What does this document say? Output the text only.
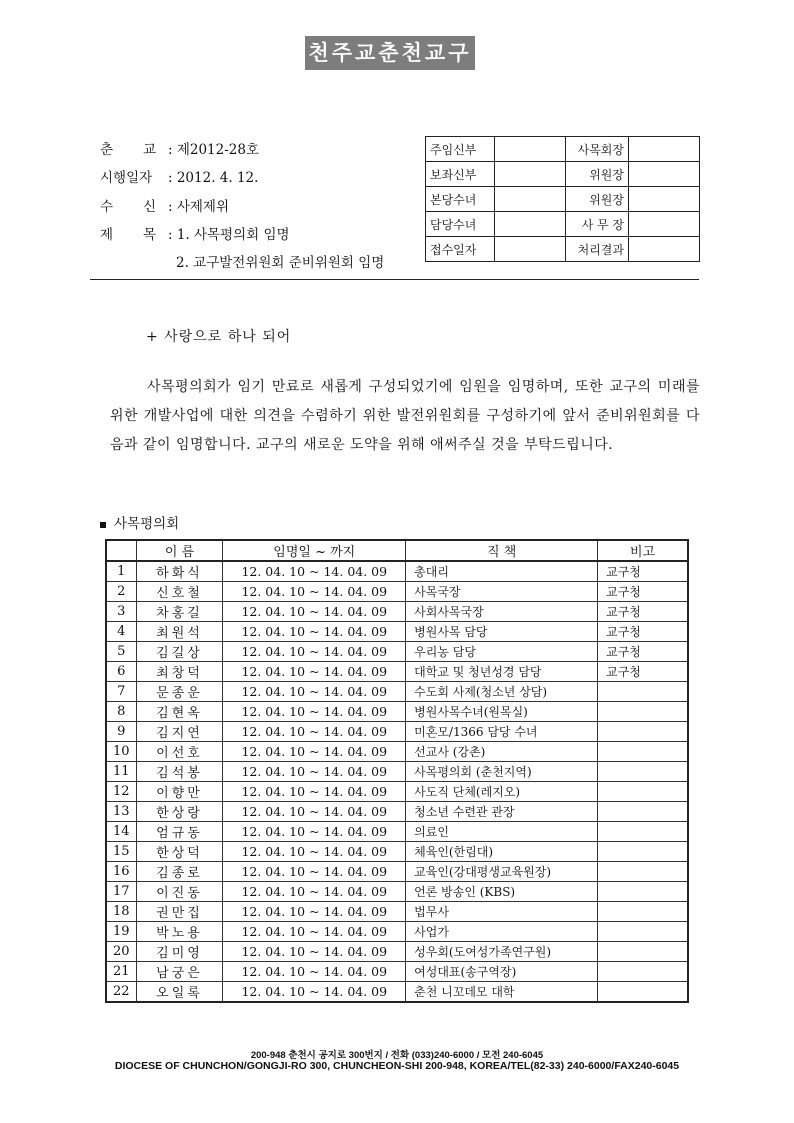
천주교춘천교구
춘 교 : 제2012-28호
시행일자 : 2012. 4. 12.
수 신 : 사제제위
제 목 : 1. 사목평의회 임명
2. 교구발전위원회 준비위원회 임명
주임신부		사목회장	
보좌신부		위원장	
본당수녀		위원장	
담당수녀		사 무 장	
접수일자		처리결과	
+ 사랑으로 하나 되어
사목평의회가 임기 만료로 새롭게 구성되었기에 임원을 임명하며, 또한 교구의 미래를 위한 개발사업에 대한 의견을 수렴하기 위한 발전위원회를 구성하기에 앞서 준비위원회를 다음과 같이 임명합니다. 교구의 새로운 도약을 위해 애써주실 것을 부탁드립니다.
사목평의회
	이 름	임명일 ~ 까지	직 책	비고
1	하화식	12. 04. 10 ~ 14. 04. 09	총대리	교구청
2	신호철	12. 04. 10 ~ 14. 04. 09	사목국장	교구청
3	차홍길	12. 04. 10 ~ 14. 04. 09	사회사목국장	교구청
4	최원석	12. 04. 10 ~ 14. 04. 09	병원사목 담당	교구청
5	김길상	12. 04. 10 ~ 14. 04. 09	우리농 담당	교구청
6	최창덕	12. 04. 10 ~ 14. 04. 09	대학교 및 청년성경 담당	교구청
7	문종운	12. 04. 10 ~ 14. 04. 09	수도회 사제(청소년 상담)	
8	김현옥	12. 04. 10 ~ 14. 04. 09	병원사목수녀(원목실)	
9	김지연	12. 04. 10 ~ 14. 04. 09	미혼모/1366 담당 수녀	
10	이선호	12. 04. 10 ~ 14. 04. 09	선교사 (강촌)	
11	김석봉	12. 04. 10 ~ 14. 04. 09	사목평의회 (춘천지역)	
12	이향만	12. 04. 10 ~ 14. 04. 09	사도직 단체(레지오)	
13	한상랑	12. 04. 10 ~ 14. 04. 09	청소년 수련관 관장	
14	엄규동	12. 04. 10 ~ 14. 04. 09	의료인	
15	한상덕	12. 04. 10 ~ 14. 04. 09	체육인(한림대)	
16	김종로	12. 04. 10 ~ 14. 04. 09	교육인(강대평생교육원장)	
17	이진동	12. 04. 10 ~ 14. 04. 09	언론 방송인 (KBS)	
18	권만집	12. 04. 10 ~ 14. 04. 09	법무사	
19	박노용	12. 04. 10 ~ 14. 04. 09	사업가	
20	김미영	12. 04. 10 ~ 14. 04. 09	성우회(도여성가족연구원)	
21	남궁은	12. 04. 10 ~ 14. 04. 09	여성대표(송구역장)	
22	오일록	12. 04. 10 ~ 14. 04. 09	춘천 니꼬데모 대학	
200-948 춘천시 공지로 300번지 / 전화 (033)240-6000 / 모전 240-6045
DIOCESE OF CHUNCHON/GONGJI-RO 300, CHUNCHEON-SHI 200-948, KOREA/TEL(82-33) 240-6000/FAX240-6045
